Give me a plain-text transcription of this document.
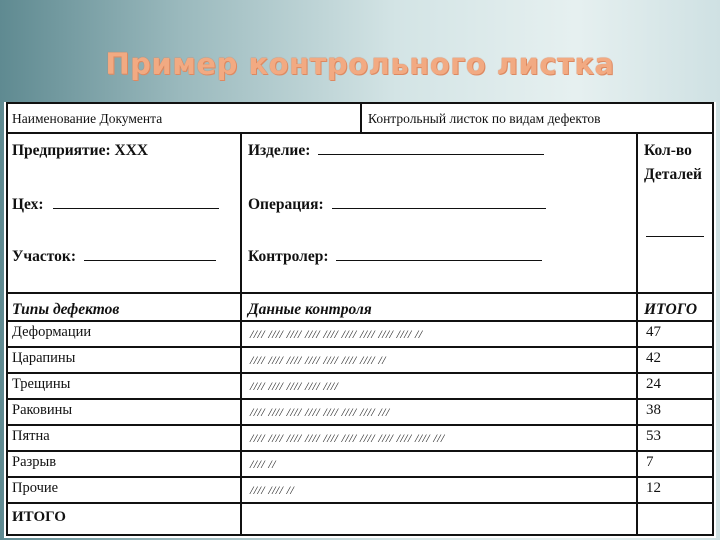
Пример контрольного листка
Наименование Документа	Контрольный листок по видам дефектов
Предприятие: XXX
Цех:
Участок:
Изделие:
Операция:
Контролер:
Кол-во
Деталей
Типы дефектов	Данные контроля	ИТОГО
Деформации	//// //// //// //// //// //// //// //// //// //	47
Царапины	//// //// //// //// //// //// //// //	42
Трещины	//// //// //// //// ////	24
Раковины	//// //// //// //// //// //// //// ///	38
Пятна	//// //// //// //// //// //// //// //// //// //// ///	53
Разрыв	//// //	7
Прочие	//// //// //	12
ИТОГО
